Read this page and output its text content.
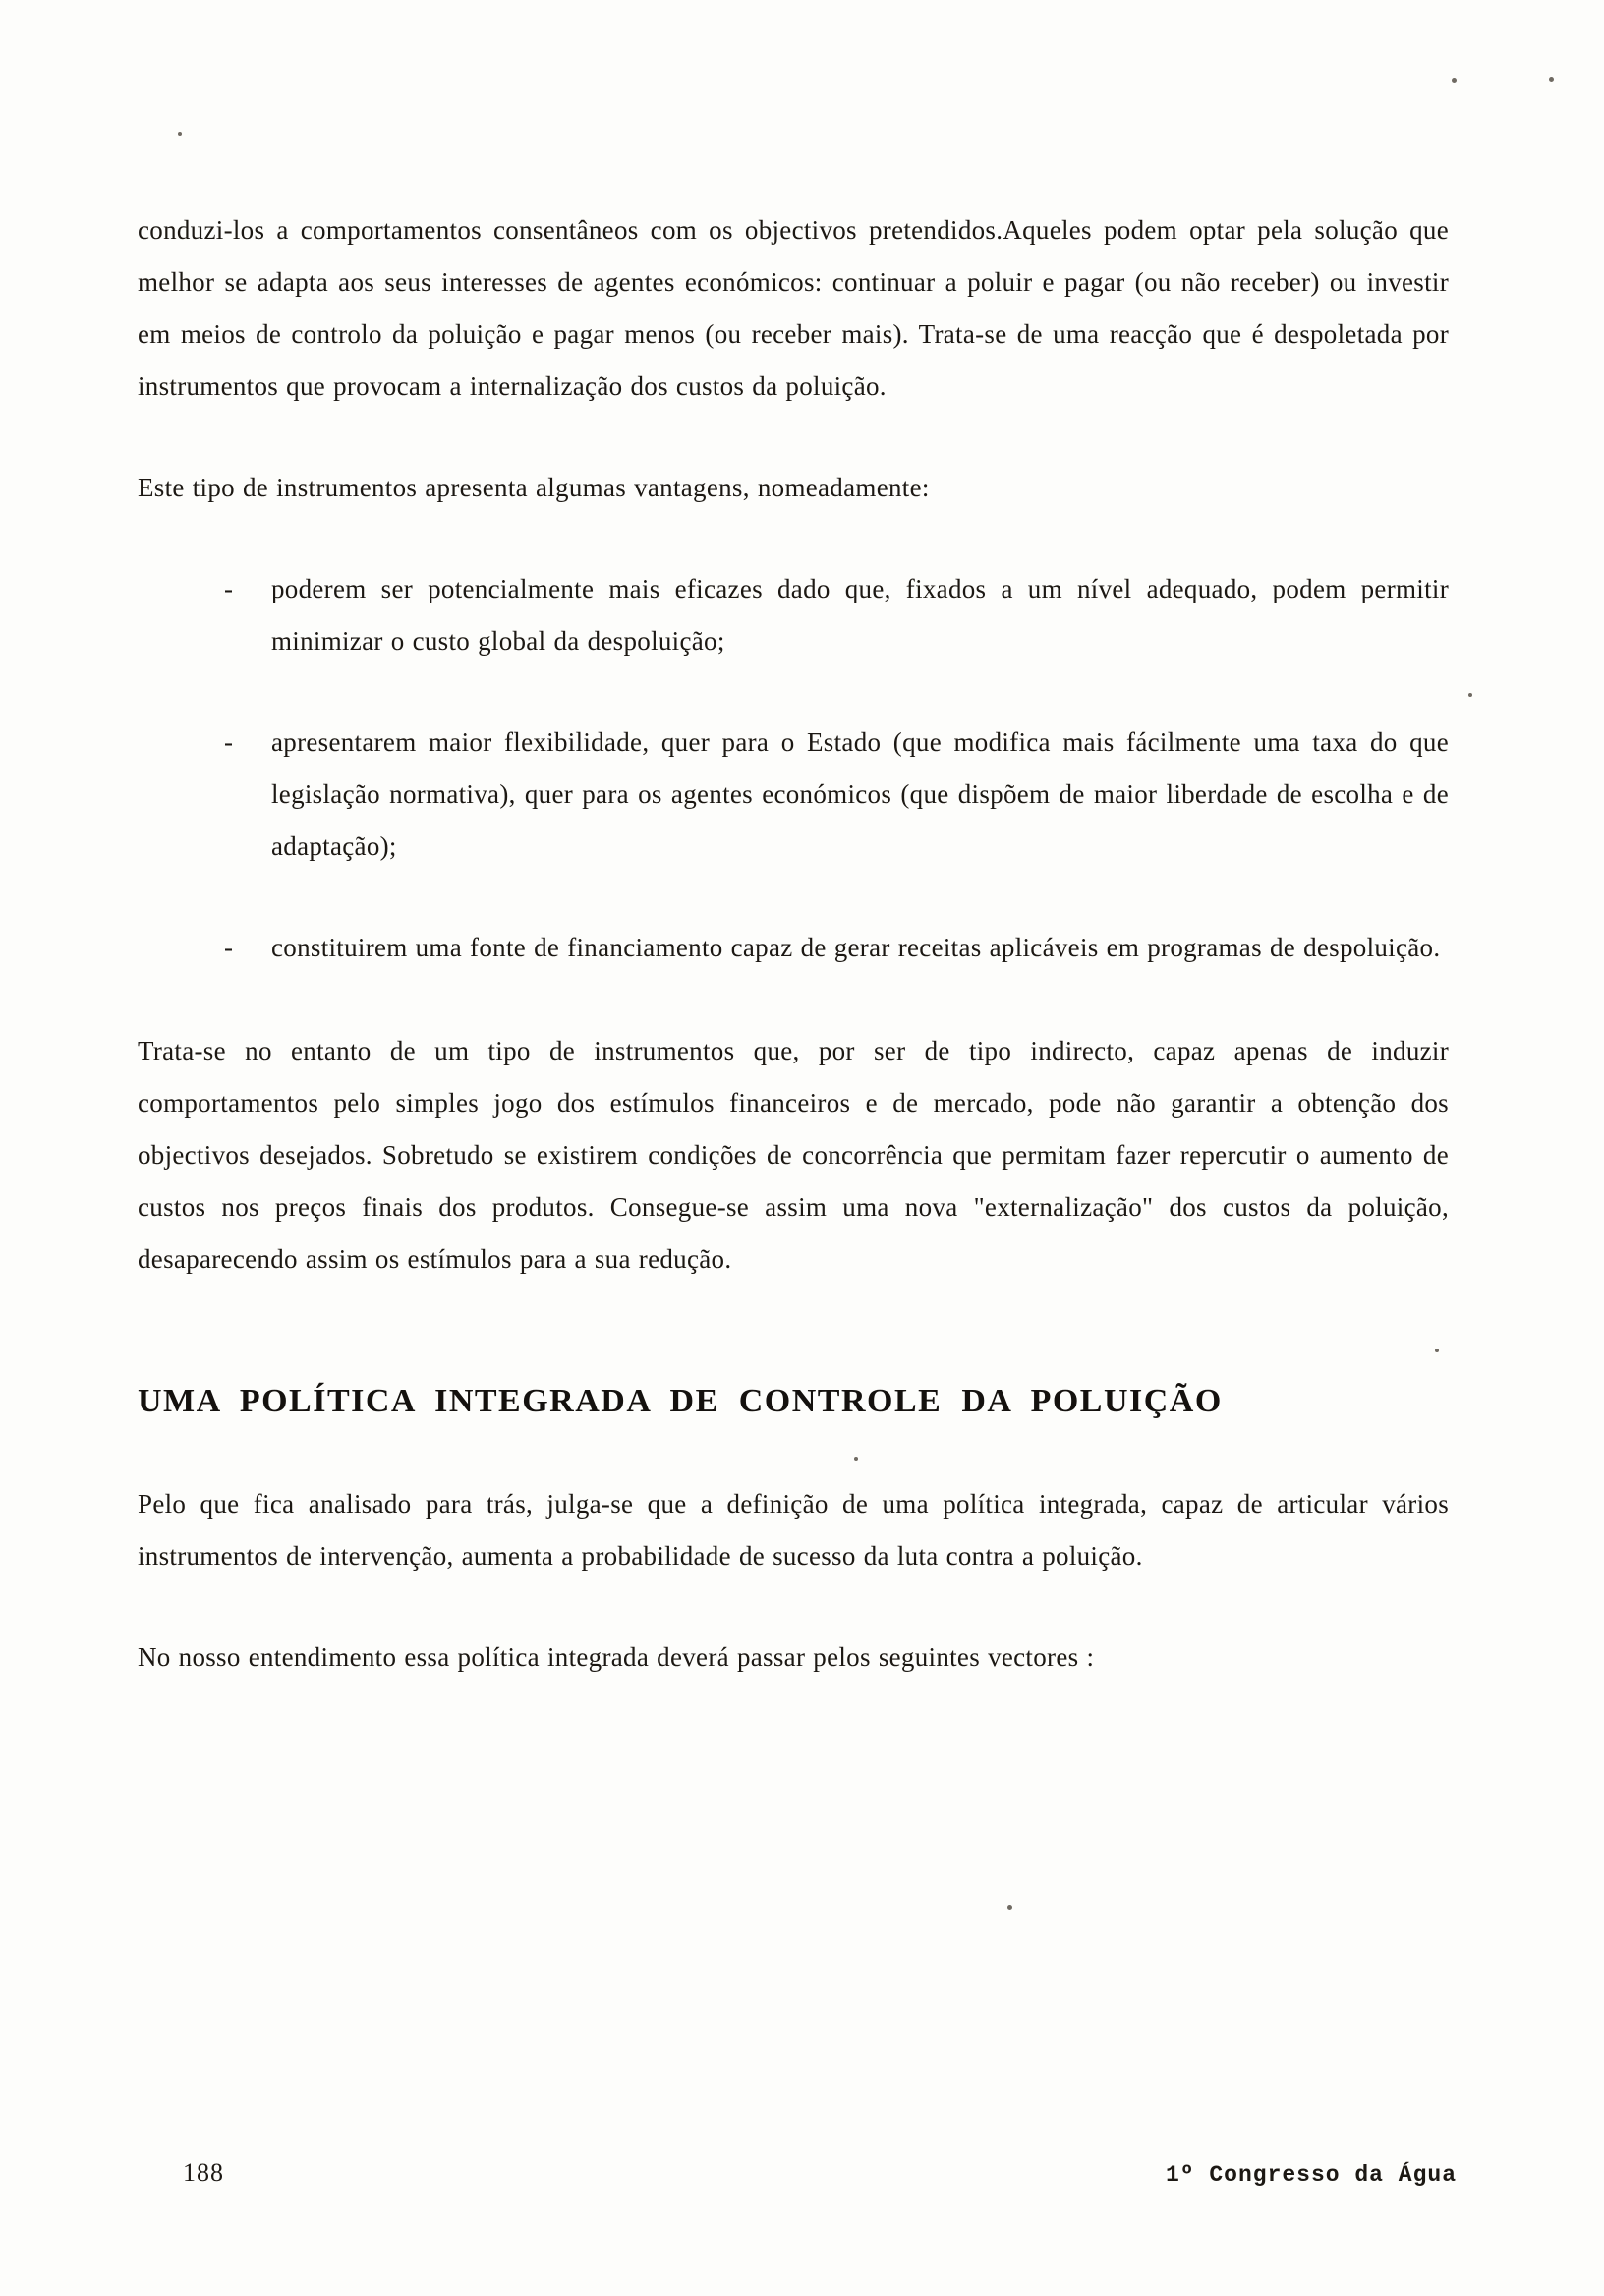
conduzi-los a comportamentos consentâneos com os objectivos pretendidos.Aqueles podem optar pela solução que melhor se adapta aos seus interesses de agentes económicos: continuar a poluir e pagar (ou não receber) ou investir em meios de controlo da poluição e pagar menos (ou receber mais). Trata-se de uma reacção que é despoletada por instrumentos que provocam a internalização dos custos da poluição.

Este tipo de instrumentos apresenta algumas vantagens, nomeadamente:

-	poderem ser potencialmente mais eficazes dado que, fixados a um nível adequado, podem permitir minimizar o custo global da despoluição;
-	apresentarem maior flexibilidade, quer para o Estado (que modifica mais fácilmente uma taxa do que legislação normativa), quer para os agentes económicos (que dispõem de maior liberdade de escolha e de adaptação);
-	constituirem uma fonte de financiamento capaz de gerar receitas aplicáveis em programas de despoluição.

Trata-se no entanto de um tipo de instrumentos que, por ser de tipo indirecto, capaz apenas de induzir comportamentos pelo simples jogo dos estímulos financeiros e de mercado, pode não garantir a obtenção dos objectivos desejados. Sobretudo se existirem condições de concorrência que permitam fazer repercutir o aumento de custos nos preços finais dos produtos. Consegue-se assim uma nova "externalização" dos custos da poluição, desaparecendo assim os estímulos para a sua redução.

UMA POLÍTICA INTEGRADA DE CONTROLE DA POLUIÇÃO

Pelo que fica analisado para trás, julga-se que a definição de uma política integrada, capaz de articular vários instrumentos de intervenção, aumenta a probabilidade de sucesso da luta contra a poluição.

No nosso entendimento essa política integrada deverá passar pelos seguintes vectores :

188	1º Congresso da Água
